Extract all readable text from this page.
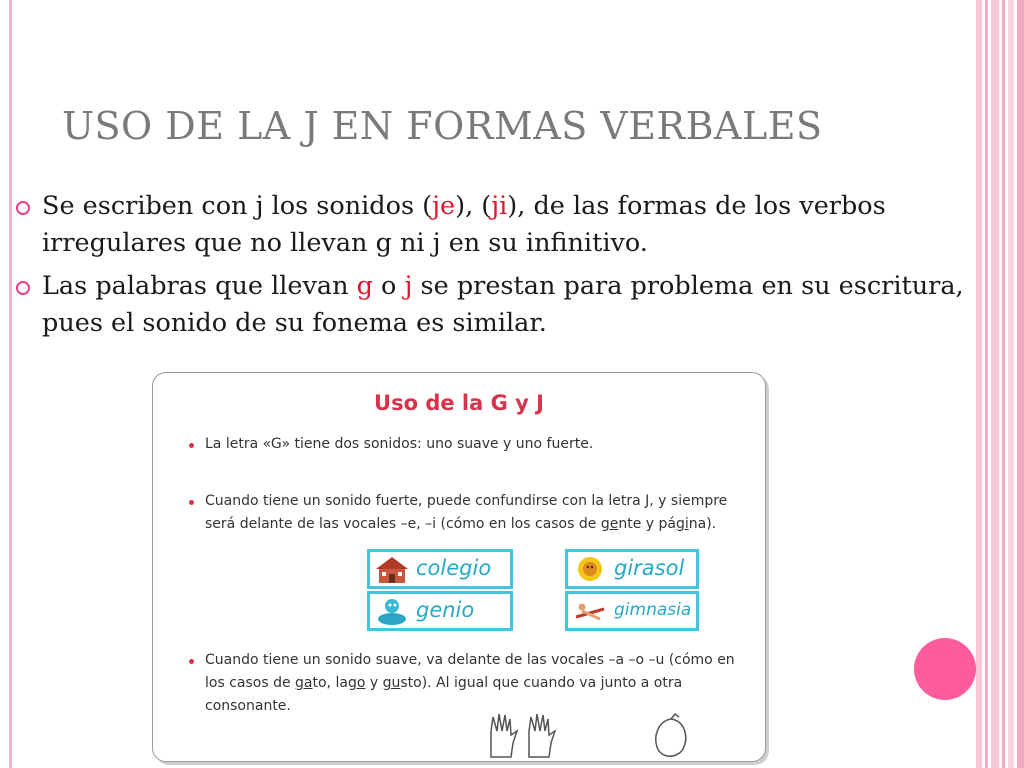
USO DE LA J EN FORMAS VERBALES
Se escriben con j los sonidos (je), (ji), de las formas de los verbos irregulares que no llevan g ni j en su infinitivo.
Las palabras que llevan g o j se prestan para problema en su escritura, pues el sonido de su fonema es similar.
Uso de la G y J
La letra «G» tiene dos sonidos: uno suave y uno fuerte.
Cuando tiene un sonido fuerte, puede confundirse con la letra J, y siempre será delante de las vocales –e, –i (cómo en los casos de gente y página).
colegio
genio
girasol
gimnasia
Cuando tiene un sonido suave, va delante de las vocales –a –o –u (cómo en los casos de gato, lago y gusto). Al igual que cuando va junto a otra consonante.
